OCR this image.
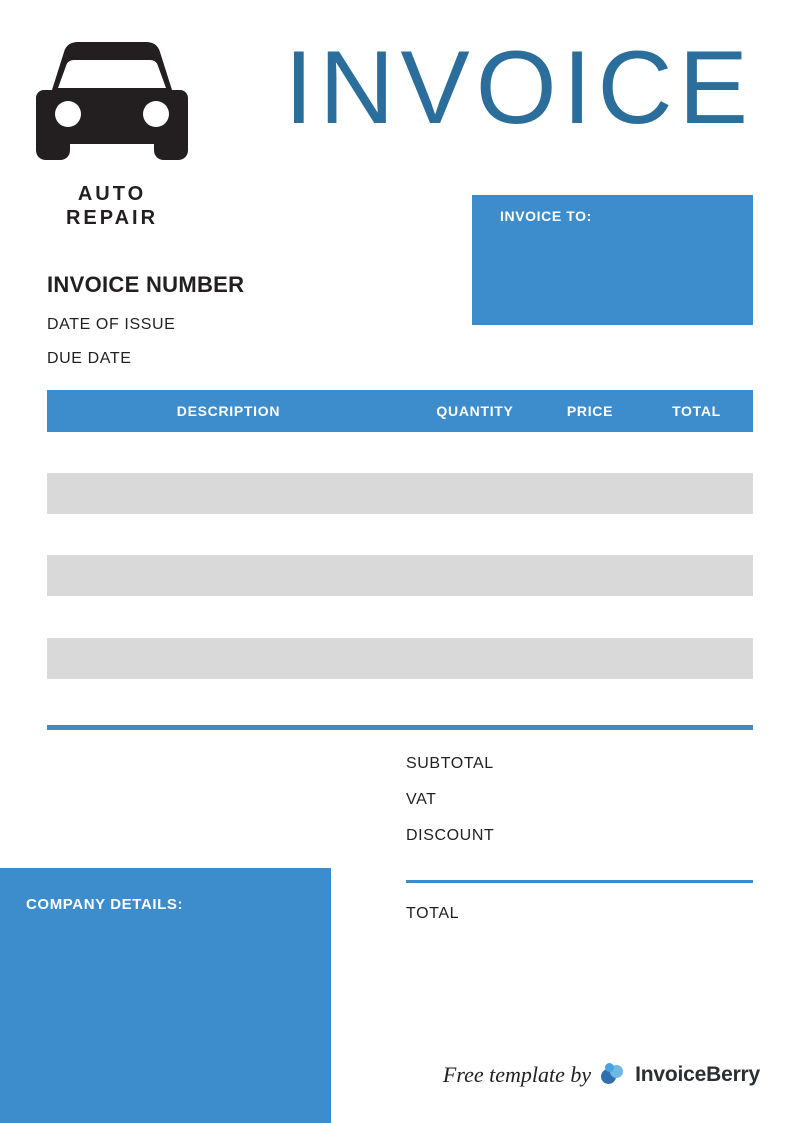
AUTO
REPAIR
INVOICE
INVOICE NUMBER
DATE OF ISSUE
DUE DATE
INVOICE TO:
DESCRIPTION	QUANTITY	PRICE	TOTAL
SUBTOTAL
VAT
DISCOUNT
TOTAL
COMPANY DETAILS:
Free template by InvoiceBerry
